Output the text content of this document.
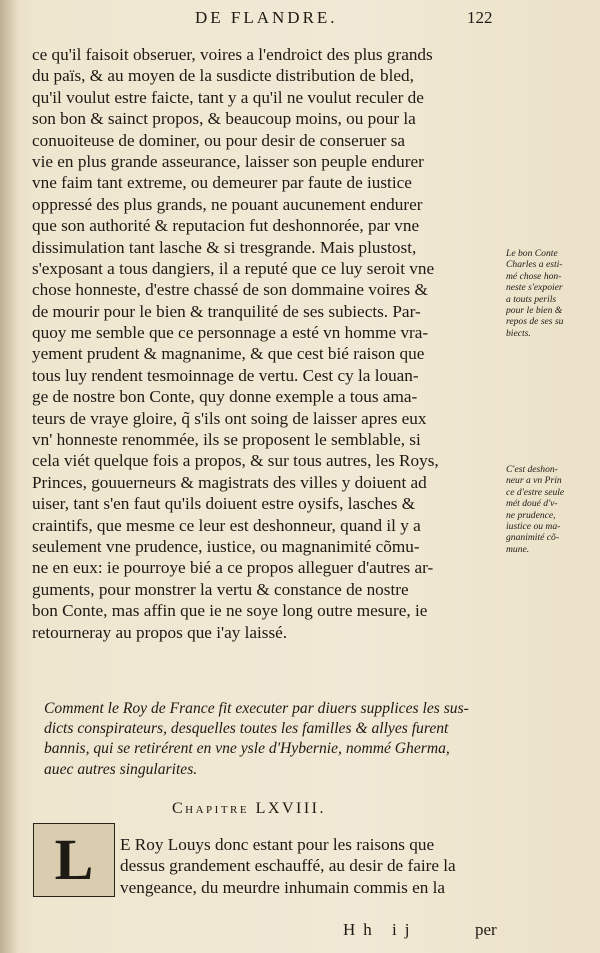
DE FLANDRE.	122
ce qu'il faisoit obseruer, voires a l'endroict des plus grands
du païs, & au moyen de la susdicte distribution de bled,
qu'il voulut estre faicte, tant y a qu'il ne voulut reculer de
son bon & sainct propos, & beaucoup moins, ou pour la
conuoiteuse de dominer, ou pour desir de conseruer sa
vie en plus grande asseurance, laisser son peuple endurer
vne faim tant extreme, ou demeurer par faute de iustice
oppressé des plus grands, ne pouant aucunement endurer
que son authorité & reputacion fut deshonnorée, par vne
dissimulation tant lasche & si tresgrande. Mais plustost,
s'exposant a tous dangiers, il a reputé que ce luy seroit vne
chose honneste, d'estre chassé de son dommaine voires &
de mourir pour le bien & tranquilité de ses subiects. Par-
quoy me semble que ce personnage a esté vn homme vra-
yement prudent & magnanime, & que cest bié raison que
tous luy rendent tesmoinnage de vertu. Cest cy la louan-
ge de nostre bon Conte, quy donne exemple a tous ama-
teurs de vraye gloire, q̃ s'ils ont soing de laisser apres eux
vn' honneste renommée, ils se proposent le semblable, si
cela viét quelque fois a propos, & sur tous autres, les Roys,
Princes, gouuerneurs & magistrats des villes y doiuent ad
uiser, tant s'en faut qu'ils doiuent estre oysifs, lasches &
craintifs, que mesme ce leur est deshonneur, quand il y a
seulement vne prudence, iustice, ou magnanimité cõmu-
ne en eux: ie pourroye bié a ce propos alleguer d'autres ar-
guments, pour monstrer la vertu & constance de nostre
bon Conte, mas affin que ie ne soye long outre mesure, ie
retourneray au propos que i'ay laissé.
Le bon Conte
Charles a esti-
mé chose hon-
neste s'expoier
a touts perils
pour le bien &
repos de ses su
biects.
C'est deshon-
neur a vn Prin
ce d'estre seule
mét doué d'v-
ne prudence,
iustice ou ma-
gnanimité cõ-
mune.
Comment le Roy de France fit executer par diuers supplices les sus-
dicts conspirateurs, desquelles toutes les familles & allyes furent
bannis, qui se retirérent en vne ysle d'Hybernie, nommé Gherma,
auec autres singularites.
Chapitre LXVIII.
L E Roy Louys donc estant pour les raisons que
dessus grandement eschauffé, au desir de faire la
vengeance, du meurdre inhumain commis en la
Hh ij	per
